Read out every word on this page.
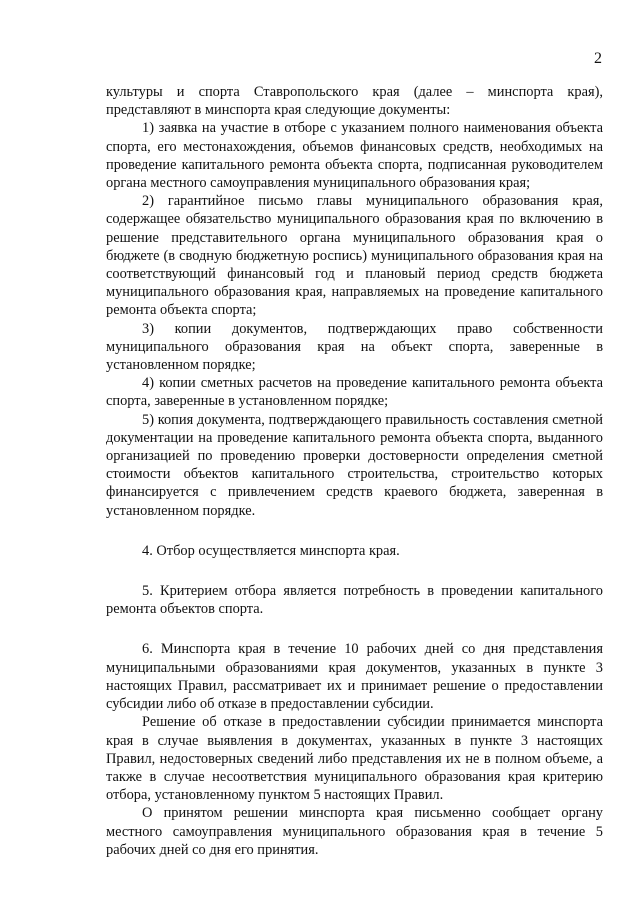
2

культуры и спорта Ставропольского края (далее – минспорта края), представляют в минспорта края следующие документы:

1) заявка на участие в отборе с указанием полного наименования объекта спорта, его местонахождения, объемов финансовых средств, необходимых на проведение капитального ремонта объекта спорта, подписанная руководителем органа местного самоуправления муниципального образования края;

2) гарантийное письмо главы муниципального образования края, содержащее обязательство муниципального образования края по включению в решение представительного органа муниципального образования края о бюджете (в сводную бюджетную роспись) муниципального образования края на соответствующий финансовый год и плановый период средств бюджета муниципального образования края, направляемых на проведение капитального ремонта объекта спорта;

3) копии документов, подтверждающих право собственности муниципального образования края на объект спорта, заверенные в установленном порядке;

4) копии сметных расчетов на проведение капитального ремонта объекта спорта, заверенные в установленном порядке;

5) копия документа, подтверждающего правильность составления сметной документации на проведение капитального ремонта объекта спорта, выданного организацией по проведению проверки достоверности определения сметной стоимости объектов капитального строительства, строительство которых финансируется с привлечением средств краевого бюджета, заверенная в установленном порядке.

4. Отбор осуществляется минспорта края.

5. Критерием отбора является потребность в проведении капитального ремонта объектов спорта.

6. Минспорта края в течение 10 рабочих дней со дня представления муниципальными образованиями края документов, указанных в пункте 3 настоящих Правил, рассматривает их и принимает решение о предоставлении субсидии либо об отказе в предоставлении субсидии.

Решение об отказе в предоставлении субсидии принимается минспорта края в случае выявления в документах, указанных в пункте 3 настоящих Правил, недостоверных сведений либо представления их не в полном объеме, а также в случае несоответствия муниципального образования края критерию отбора, установленному пунктом 5 настоящих Правил.

О принятом решении минспорта края письменно сообщает органу местного самоуправления муниципального образования края в течение 5 рабочих дней со дня его принятия.
